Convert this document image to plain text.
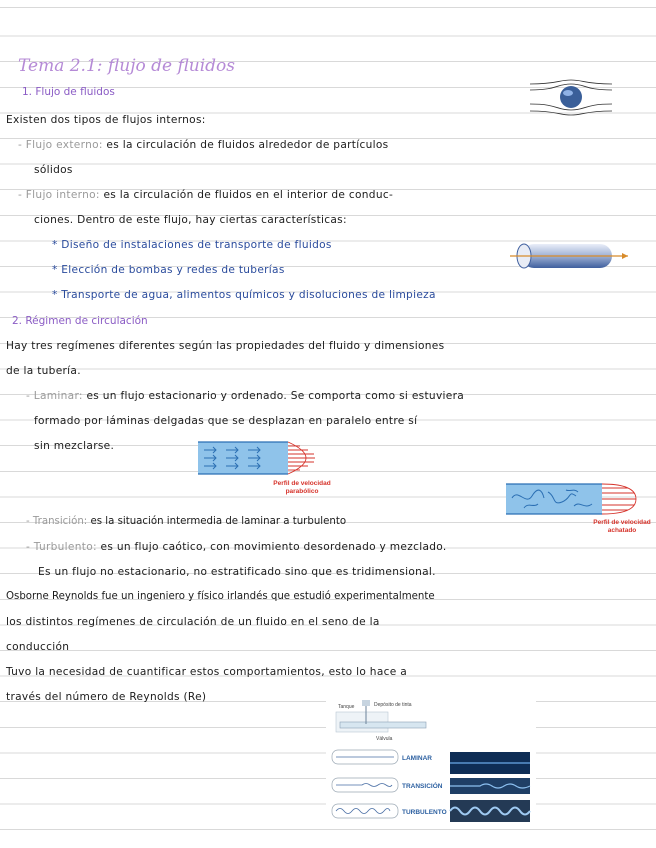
Tema 2.1: flujo de fluidos
1. Flujo de fluidos
Existen dos tipos de flujos internos:
- Flujo externo: es la circulación de fluidos alrededor de partículos
sólidos
- Flujo interno: es la circulación de fluidos en el interior de conduc-
ciones. Dentro de este flujo, hay ciertas características:
* Diseño de instalaciones de transporte de fluidos
* Elección de bombas y redes de tuberías
* Transporte de agua, alimentos químicos y disoluciones de limpieza
2. Régimen de circulación
Hay tres regímenes diferentes según las propiedades del fluido y dimensiones
de la tubería.
- Laminar: es un flujo estacionario y ordenado. Se comporta como si estuviera
formado por láminas delgadas que se desplazan en paralelo entre sí
sin mezclarse.
Perfil de velocidad
parabólico
Perfil de velocidad
achatado
- Transición: es la situación intermedia de laminar a turbulento
- Turbulento: es un flujo caótico, con movimiento desordenado y mezclado.
Es un flujo no estacionario, no estratificado sino que es tridimensional.
Osborne Reynolds fue un ingeniero y físico irlandés que estudió experimentalmente
los distintos regímenes de circulación de un fluido en el seno de la
conducción
Tuvo la necesidad de cuantificar estos comportamientos, esto lo hace a
través del número de Reynolds (Re)
Tanque	Depósito de tinta
Válvula
LAMINAR
TRANSICIÓN
TURBULENTO
